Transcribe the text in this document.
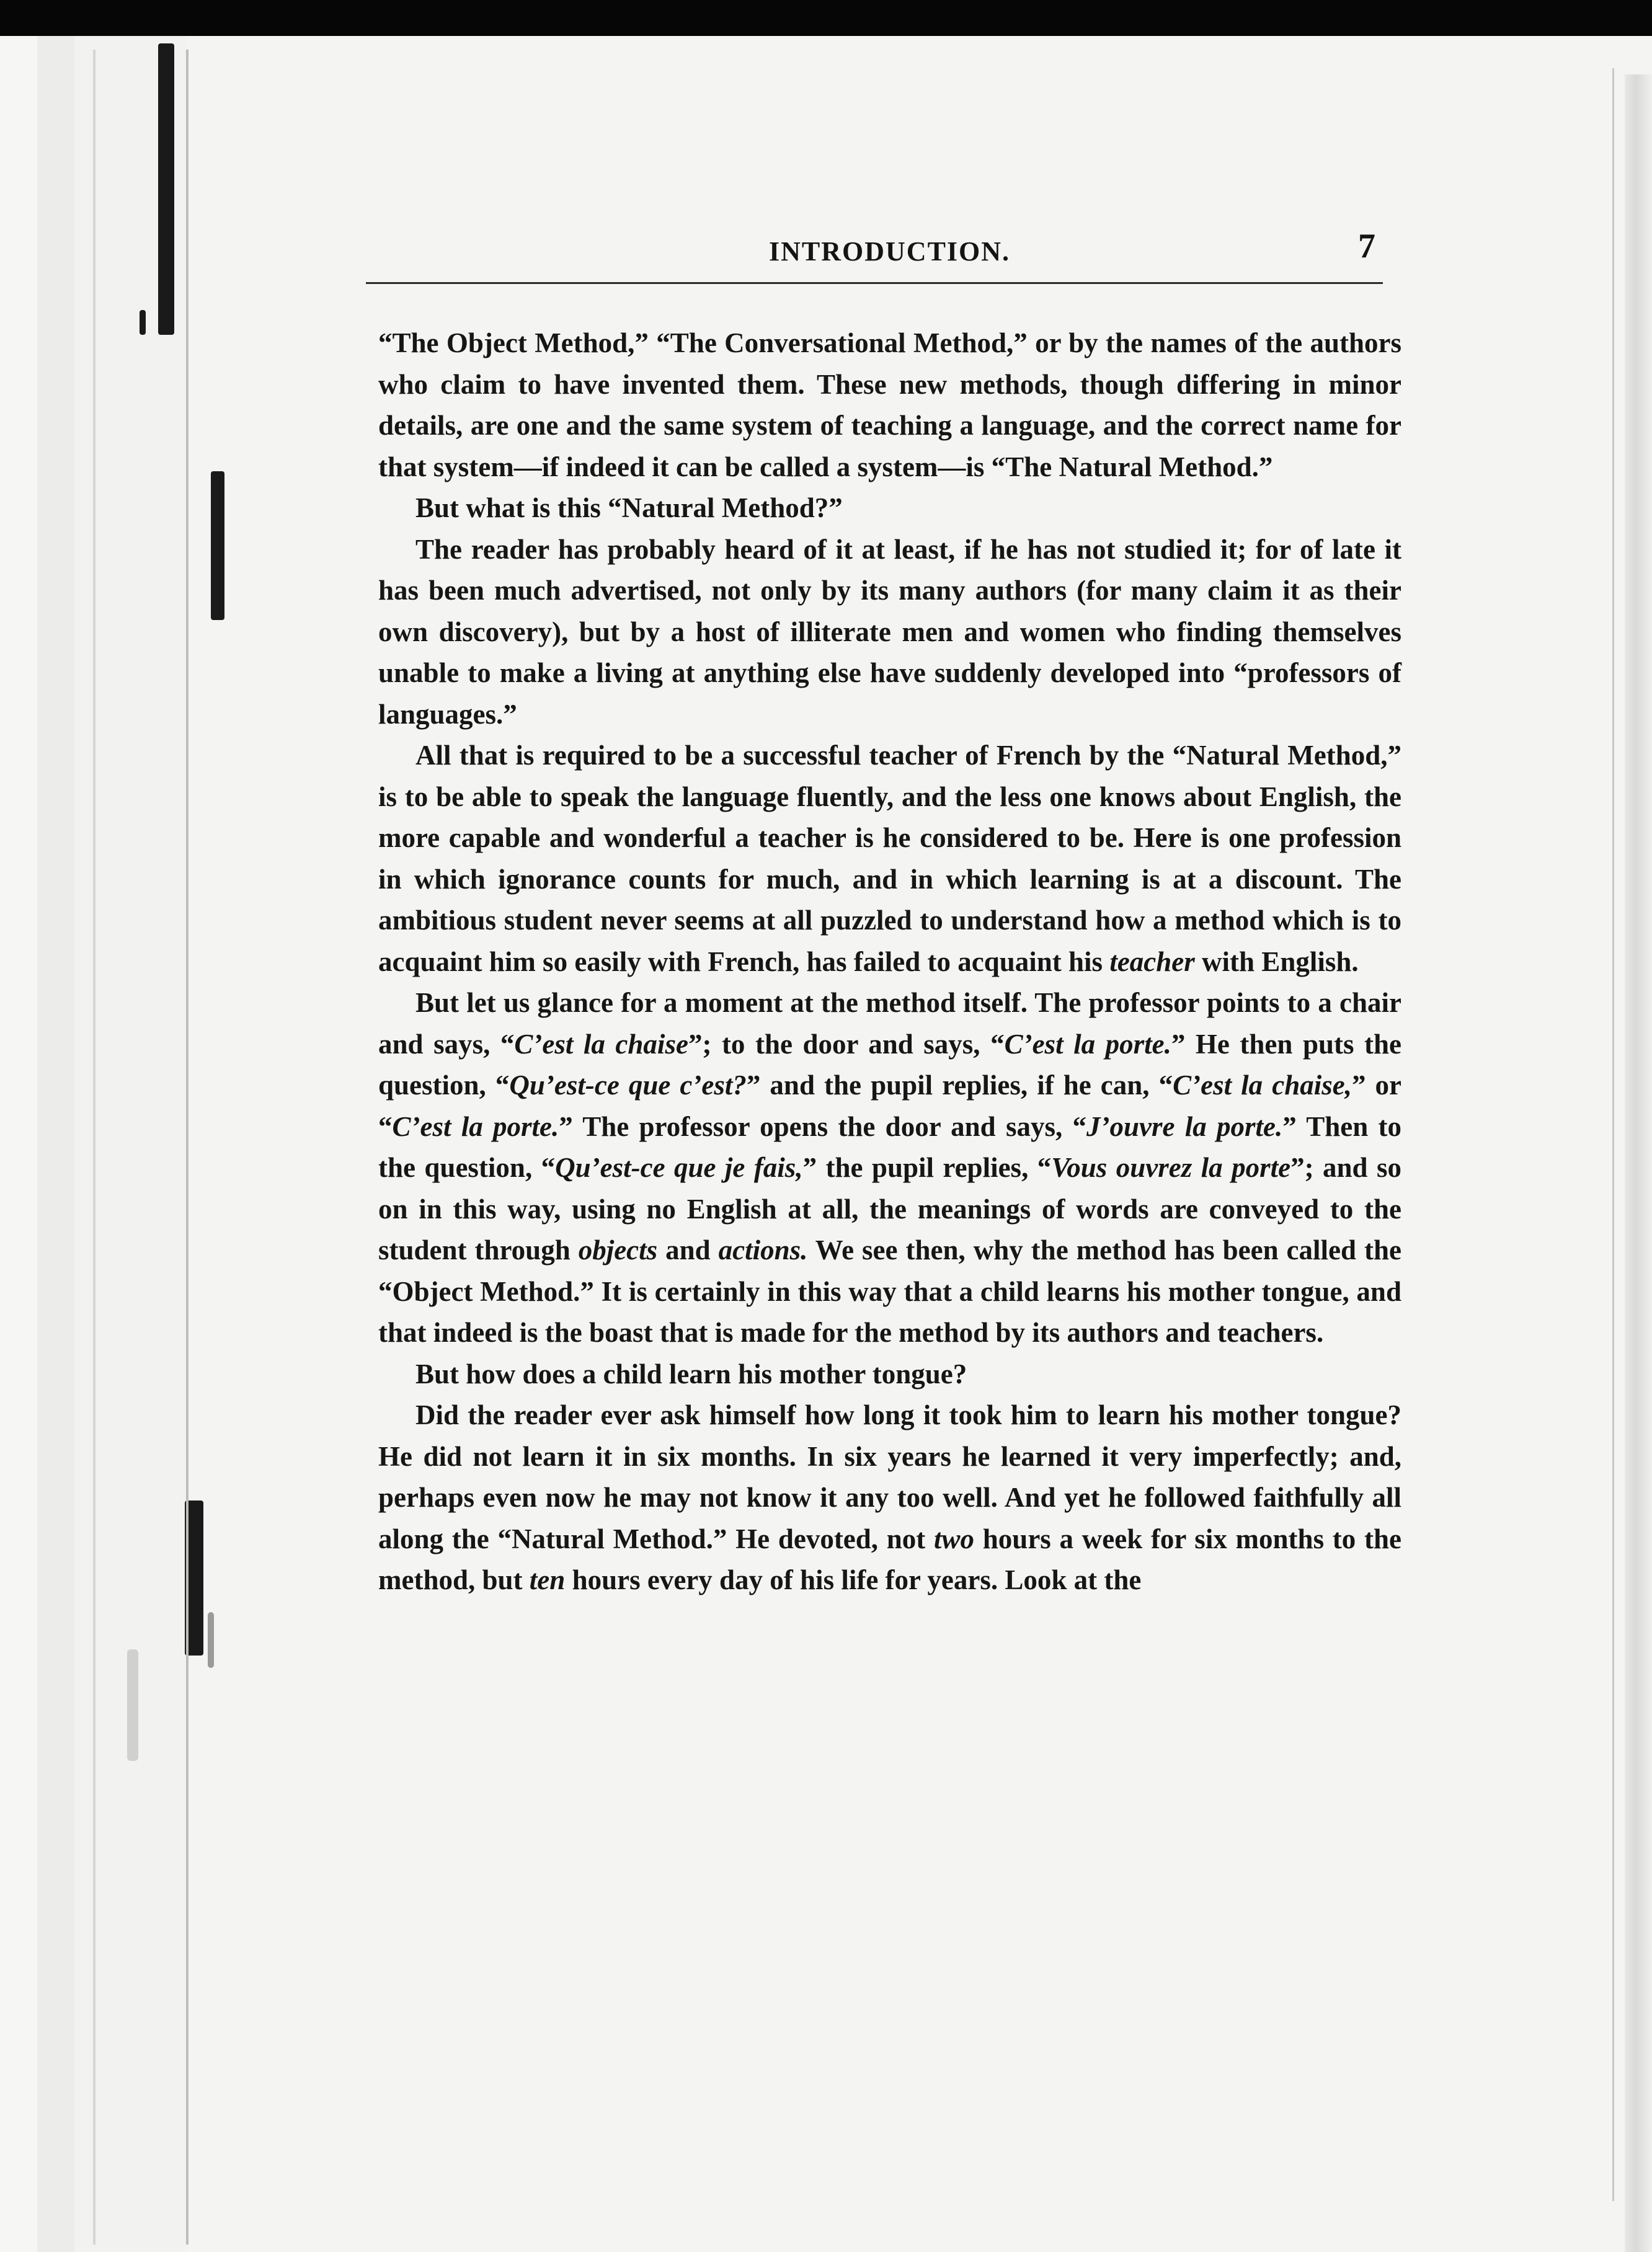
INTRODUCTION.	7

“The Object Method,” “The Conversational Method,” or by the names of the authors who claim to have invented them. These new methods, though differing in minor details, are one and the same system of teaching a language, and the correct name for that system—if indeed it can be called a system—is “The Natural Method.”

But what is this “Natural Method?”

The reader has probably heard of it at least, if he has not studied it; for of late it has been much advertised, not only by its many authors (for many claim it as their own discovery), but by a host of illiterate men and women who finding themselves unable to make a living at anything else have suddenly developed into “professors of languages.”

All that is required to be a successful teacher of French by the “Natural Method,” is to be able to speak the language fluently, and the less one knows about English, the more capable and wonderful a teacher is he considered to be. Here is one profession in which ignorance counts for much, and in which learning is at a discount. The ambitious student never seems at all puzzled to understand how a method which is to acquaint him so easily with French, has failed to acquaint his teacher with English.

But let us glance for a moment at the method itself. The professor points to a chair and says, “C’est la chaise”; to the door and says, “C’est la porte.” He then puts the question, “Qu’est-ce que c’est?” and the pupil replies, if he can, “C’est la chaise,” or “C’est la porte.” The professor opens the door and says, “J’ouvre la porte.” Then to the question, “Qu’est-ce que je fais,” the pupil replies, “Vous ouvrez la porte”; and so on in this way, using no English at all, the meanings of words are conveyed to the student through objects and actions. We see then, why the method has been called the “Object Method.” It is certainly in this way that a child learns his mother tongue, and that indeed is the boast that is made for the method by its authors and teachers.

But how does a child learn his mother tongue?

Did the reader ever ask himself how long it took him to learn his mother tongue? He did not learn it in six months. In six years he learned it very imperfectly; and, perhaps even now he may not know it any too well. And yet he followed faithfully all along the “Natural Method.” He devoted, not two hours a week for six months to the method, but ten hours every day of his life for years. Look at the
